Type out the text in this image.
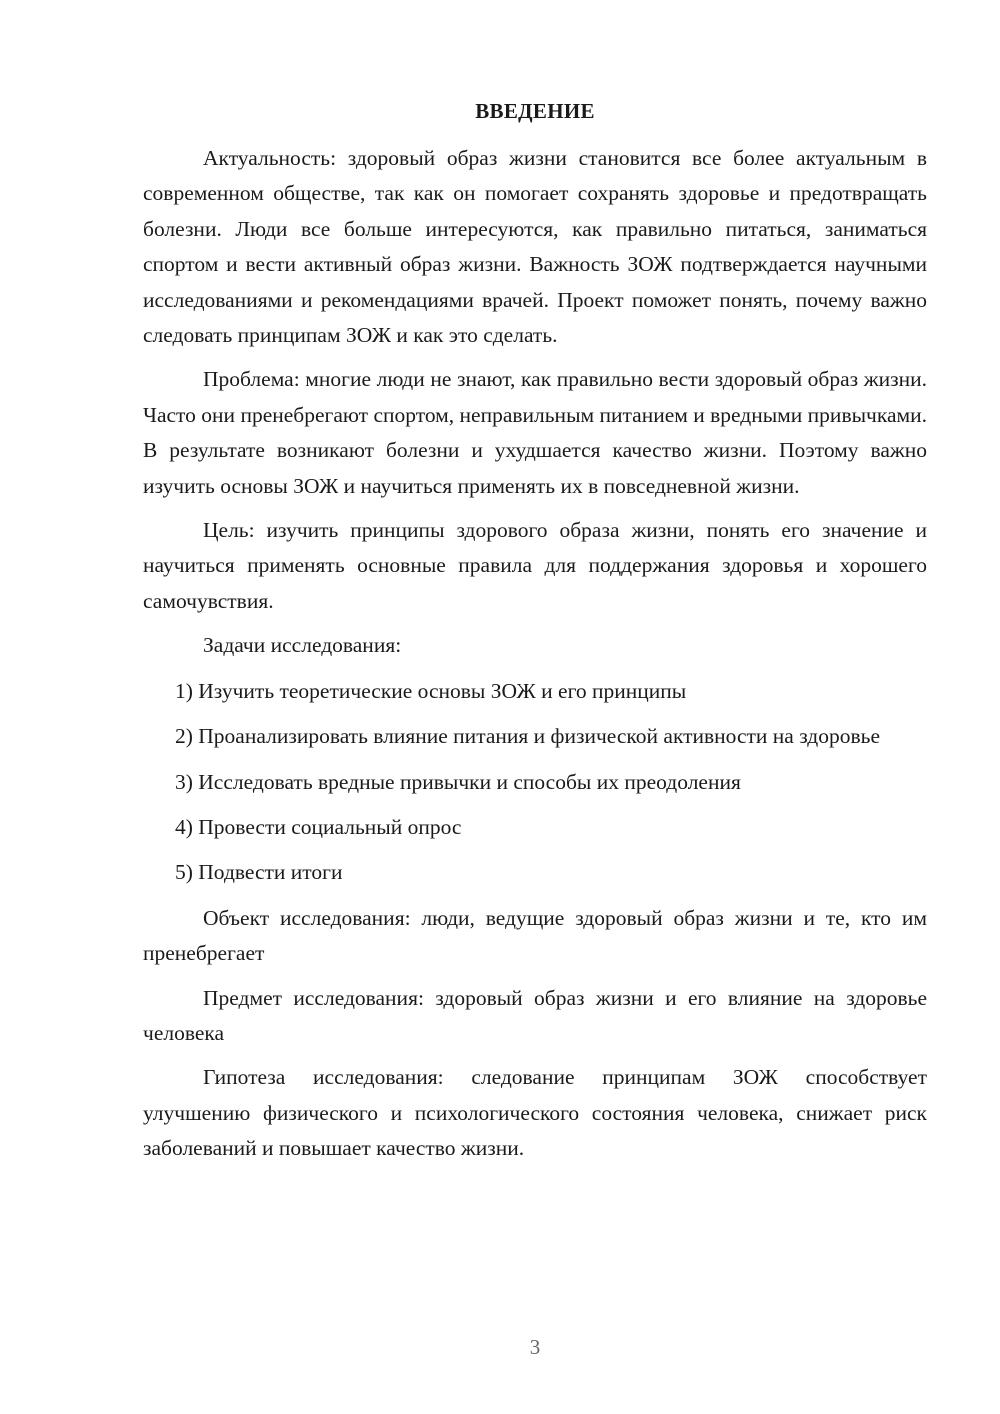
ВВЕДЕНИЕ

Актуальность: здоровый образ жизни становится все более актуальным в современном обществе, так как он помогает сохранять здоровье и предотвращать болезни. Люди все больше интересуются, как правильно питаться, заниматься спортом и вести активный образ жизни. Важность ЗОЖ подтверждается научными исследованиями и рекомендациями врачей. Проект поможет понять, почему важно следовать принципам ЗОЖ и как это сделать.

Проблема: многие люди не знают, как правильно вести здоровый образ жизни. Часто они пренебрегают спортом, неправильным питанием и вредными привычками. В результате возникают болезни и ухудшается качество жизни. Поэтому важно изучить основы ЗОЖ и научиться применять их в повседневной жизни.

Цель: изучить принципы здорового образа жизни, понять его значение и научиться применять основные правила для поддержания здоровья и хорошего самочувствия.

Задачи исследования:

1) Изучить теоретические основы ЗОЖ и его принципы

2) Проанализировать влияние питания и физической активности на здоровье

3) Исследовать вредные привычки и способы их преодоления

4) Провести социальный опрос

5) Подвести итоги

Объект исследования: люди, ведущие здоровый образ жизни и те, кто им пренебрегает

Предмет исследования: здоровый образ жизни и его влияние на здоровье человека

Гипотеза исследования: следование принципам ЗОЖ способствует улучшению физического и психологического состояния человека, снижает риск заболеваний и повышает качество жизни.

3
